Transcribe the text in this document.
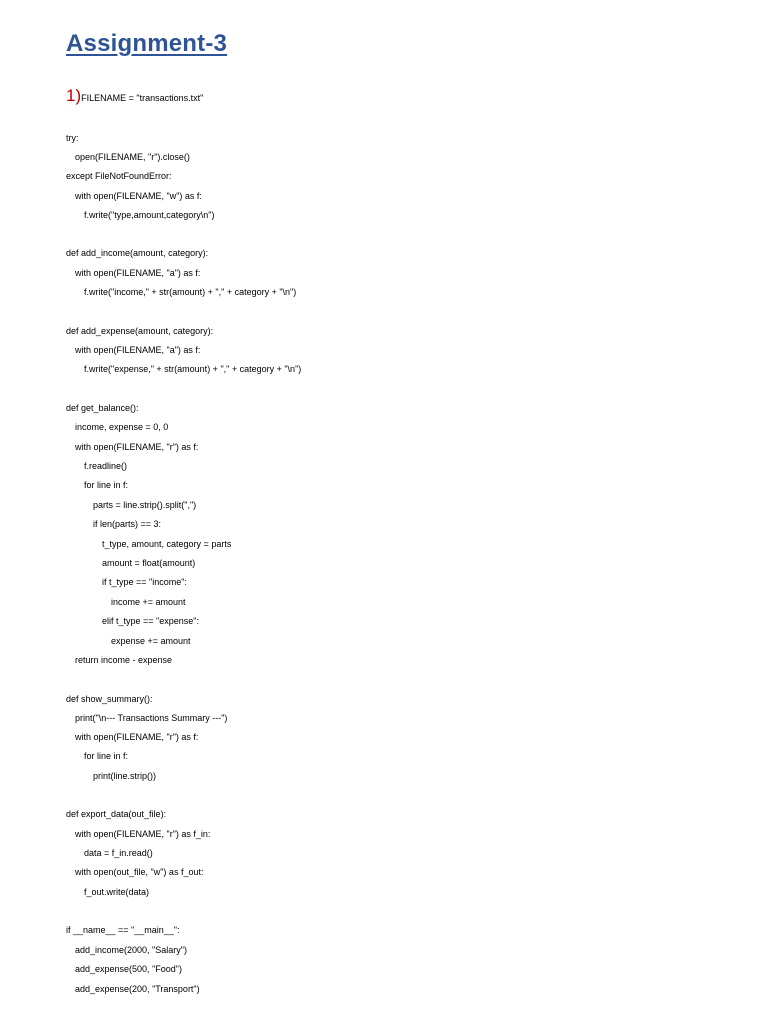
Assignment-3
1)FILENAME = "transactions.txt"
try:
open(FILENAME, "r").close()
except FileNotFoundError:
with open(FILENAME, "w") as f:
f.write("type,amount,category\n")
def add_income(amount, category):
with open(FILENAME, "a") as f:
f.write("income," + str(amount) + "," + category + "\n")
def add_expense(amount, category):
with open(FILENAME, "a") as f:
f.write("expense," + str(amount) + "," + category + "\n")
def get_balance():
income, expense = 0, 0
with open(FILENAME, "r") as f:
f.readline()
for line in f:
parts = line.strip().split(",")
if len(parts) == 3:
t_type, amount, category = parts
amount = float(amount)
if t_type == "income":
income += amount
elif t_type == "expense":
expense += amount
return income - expense
def show_summary():
print("\n--- Transactions Summary ---")
with open(FILENAME, "r") as f:
for line in f:
print(line.strip())
def export_data(out_file):
with open(FILENAME, "r") as f_in:
data = f_in.read()
with open(out_file, "w") as f_out:
f_out.write(data)
if __name__ == "__main__":
add_income(2000, "Salary")
add_expense(500, "Food")
add_expense(200, "Transport")
